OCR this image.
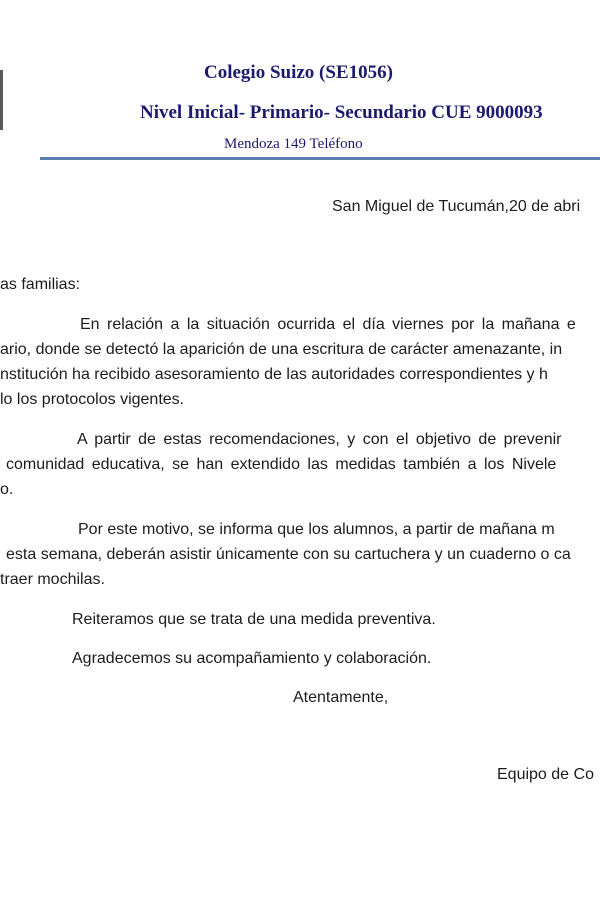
Colegio Suizo (SE1056)
Nivel Inicial- Primario- Secundario CUE 9000093
Mendoza 149 Teléfono
San Miguel de Tucumán,20 de abri
as familias:
En relación a la situación ocurrida el día viernes por la mañana e
ario, donde se detectó la aparición de una escritura de carácter amenazante, in
nstitución ha recibido asesoramiento de las autoridades correspondientes y h
lo los protocolos vigentes.
A partir de estas recomendaciones, y con el objetivo de prevenir
comunidad educativa, se han extendido las medidas también a los Nivele
o.
Por este motivo, se informa que los alumnos, a partir de mañana m
esta semana, deberán asistir únicamente con su cartuchera y un cuaderno o ca
traer mochilas.
Reiteramos que se trata de una medida preventiva.
Agradecemos su acompañamiento y colaboración.
Atentamente,
Equipo de Co
